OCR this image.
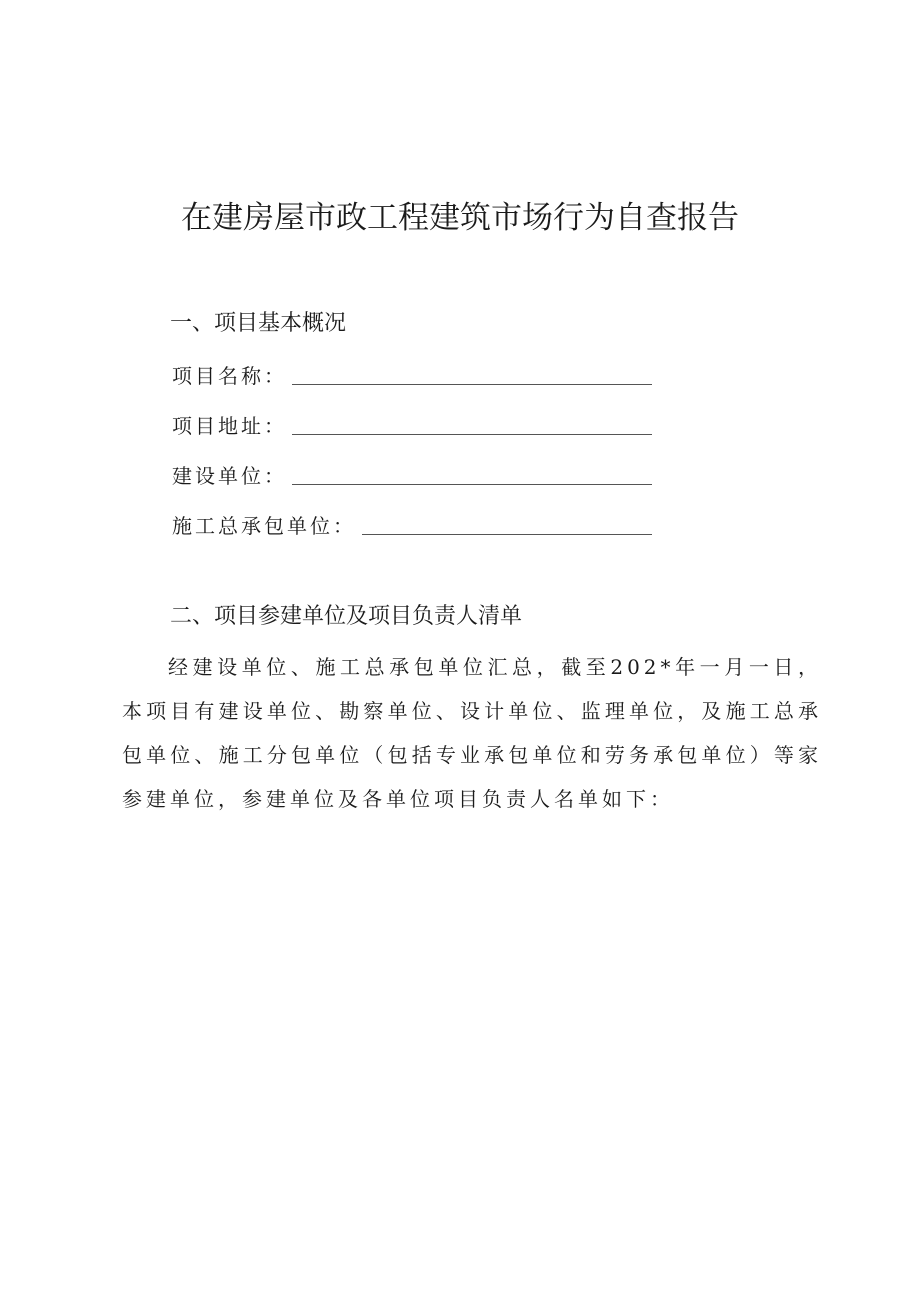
在建房屋市政工程建筑市场行为自查报告
一、项目基本概况
项目名称：
项目地址：
建设单位：
施工总承包单位：
二、项目参建单位及项目负责人清单

经建设单位、施工总承包单位汇总，截至202*年一月一日，本项目有建设单位、勘察单位、设计单位、监理单位，及施工总承包单位、施工分包单位（包括专业承包单位和劳务承包单位）等家参建单位，参建单位及各单位项目负责人名单如下：
